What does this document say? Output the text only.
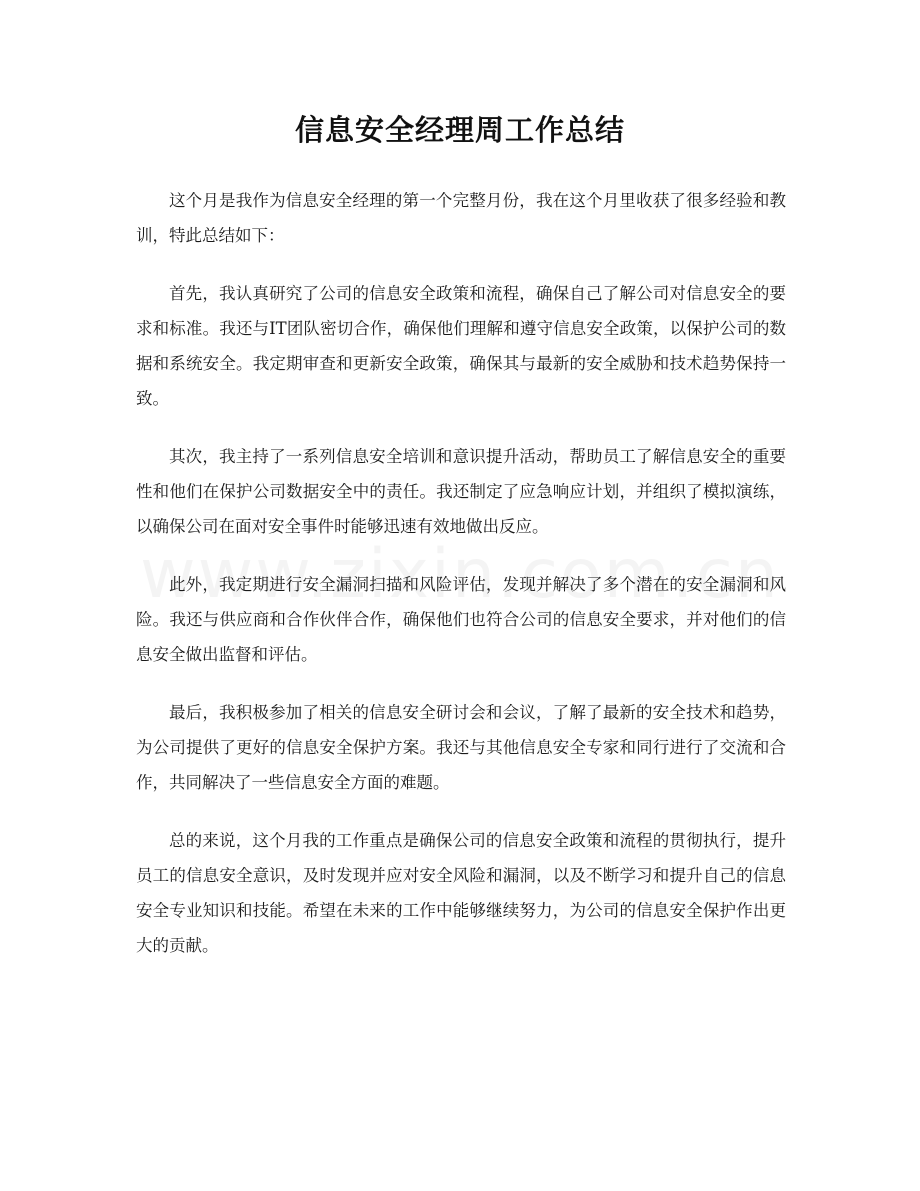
信息安全经理周工作总结

这个月是我作为信息安全经理的第一个完整月份，我在这个月里收获了很多经验和教训，特此总结如下：

首先，我认真研究了公司的信息安全政策和流程，确保自己了解公司对信息安全的要求和标准。我还与IT团队密切合作，确保他们理解和遵守信息安全政策，以保护公司的数据和系统安全。我定期审查和更新安全政策，确保其与最新的安全威胁和技术趋势保持一致。

其次，我主持了一系列信息安全培训和意识提升活动，帮助员工了解信息安全的重要性和他们在保护公司数据安全中的责任。我还制定了应急响应计划，并组织了模拟演练，以确保公司在面对安全事件时能够迅速有效地做出反应。

此外，我定期进行安全漏洞扫描和风险评估，发现并解决了多个潜在的安全漏洞和风险。我还与供应商和合作伙伴合作，确保他们也符合公司的信息安全要求，并对他们的信息安全做出监督和评估。

最后，我积极参加了相关的信息安全研讨会和会议，了解了最新的安全技术和趋势，为公司提供了更好的信息安全保护方案。我还与其他信息安全专家和同行进行了交流和合作，共同解决了一些信息安全方面的难题。

总的来说，这个月我的工作重点是确保公司的信息安全政策和流程的贯彻执行，提升员工的信息安全意识，及时发现并应对安全风险和漏洞，以及不断学习和提升自己的信息安全专业知识和技能。希望在未来的工作中能够继续努力，为公司的信息安全保护作出更大的贡献。
